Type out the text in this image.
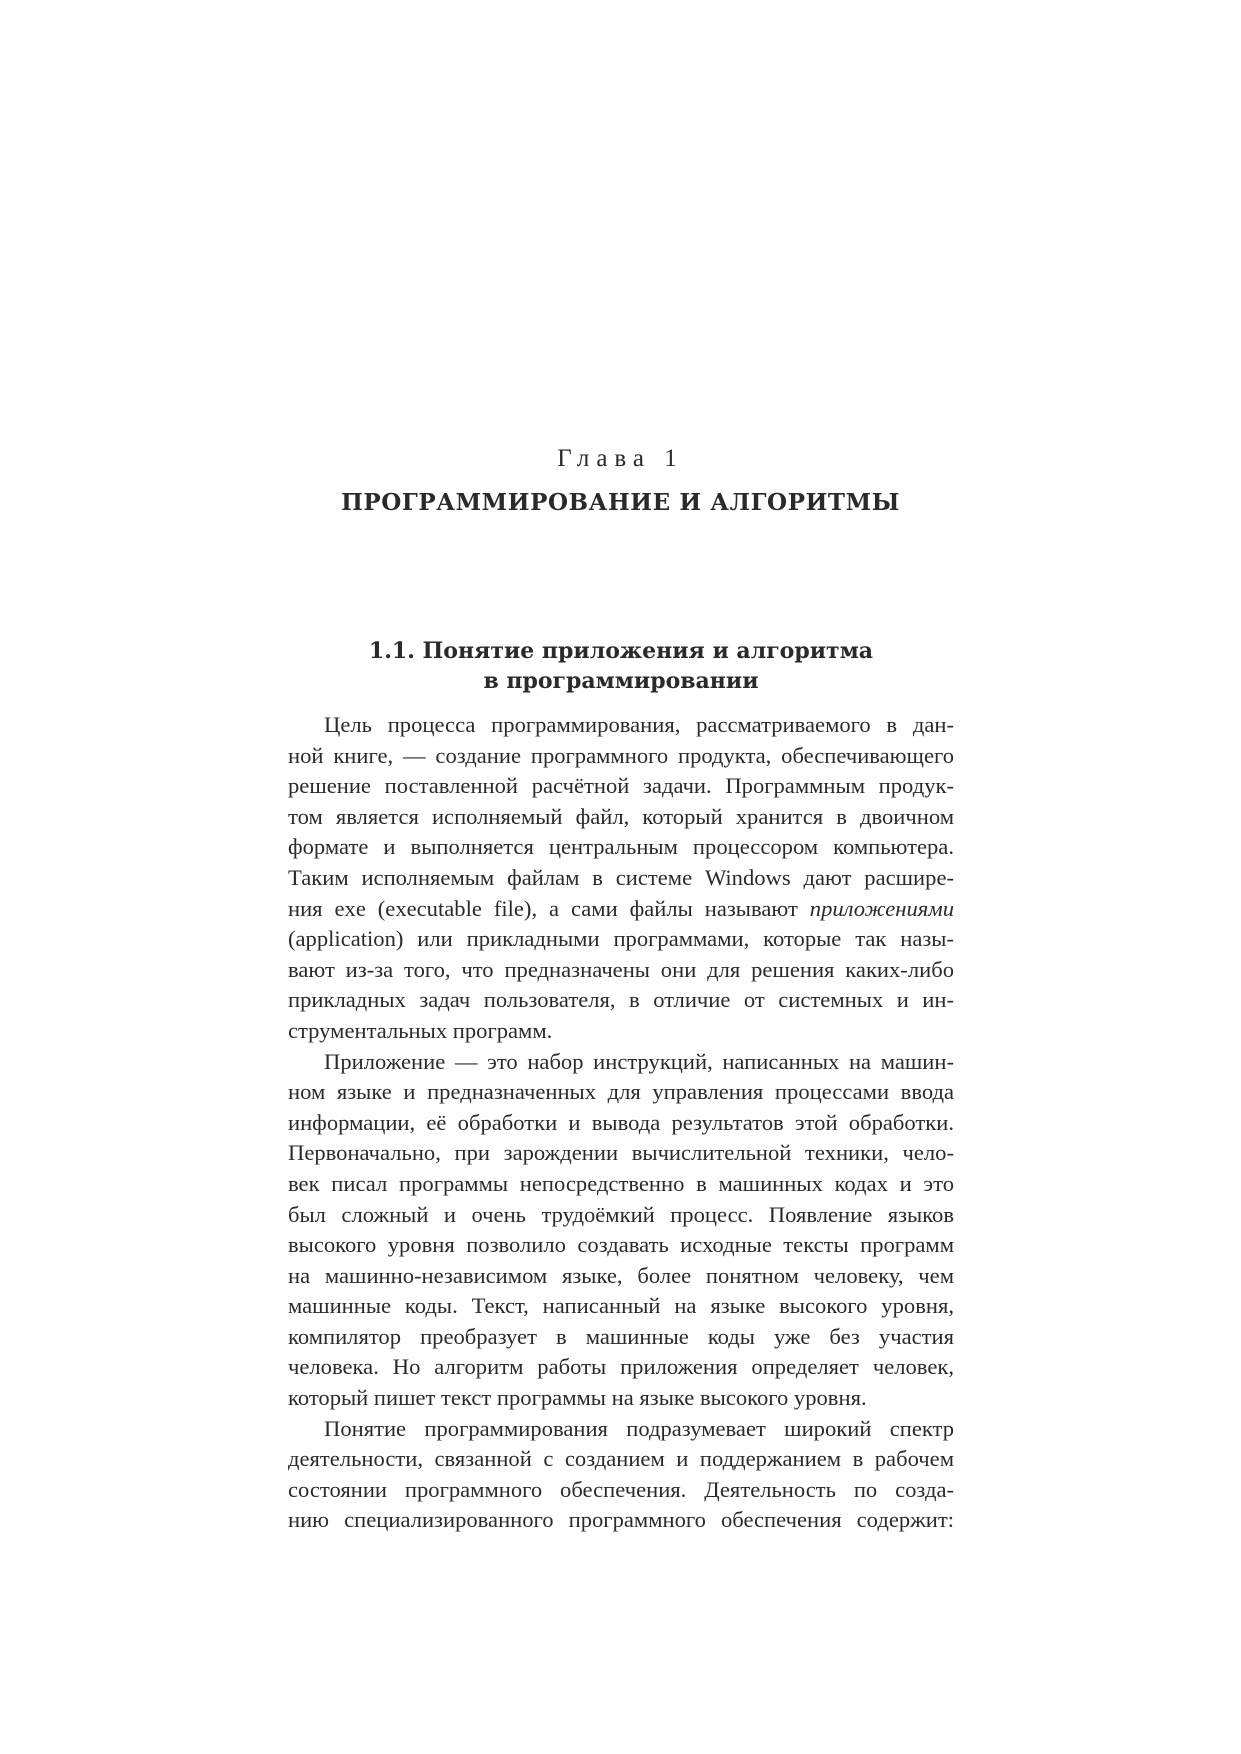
Глава 1
ПРОГРАММИРОВАНИЕ И АЛГОРИТМЫ
1.1. Понятие приложения и алгоритма
в программировании
Цель процесса программирования, рассматриваемого в дан-
ной книге, — создание программного продукта, обеспечивающего
решение поставленной расчётной задачи. Программным продук-
том является исполняемый файл, который хранится в двоичном
формате и выполняется центральным процессором компьютера.
Таким исполняемым файлам в системе Windows дают расшире-
ния exe (executable file), а сами файлы называют приложениями
(application) или прикладными программами, которые так назы-
вают из-за того, что предназначены они для решения каких-либо
прикладных задач пользователя, в отличие от системных и ин-
струментальных программ.
Приложение — это набор инструкций, написанных на машин-
ном языке и предназначенных для управления процессами ввода
информации, её обработки и вывода результатов этой обработки.
Первоначально, при зарождении вычислительной техники, чело-
век писал программы непосредственно в машинных кодах и это
был сложный и очень трудоёмкий процесс. Появление языков
высокого уровня позволило создавать исходные тексты программ
на машинно-независимом языке, более понятном человеку, чем
машинные коды. Текст, написанный на языке высокого уровня,
компилятор преобразует в машинные коды уже без участия
человека. Но алгоритм работы приложения определяет человек,
который пишет текст программы на языке высокого уровня.
Понятие программирования подразумевает широкий спектр
деятельности, связанной с созданием и поддержанием в рабочем
состоянии программного обеспечения. Деятельность по созда-
нию специализированного программного обеспечения содержит:
